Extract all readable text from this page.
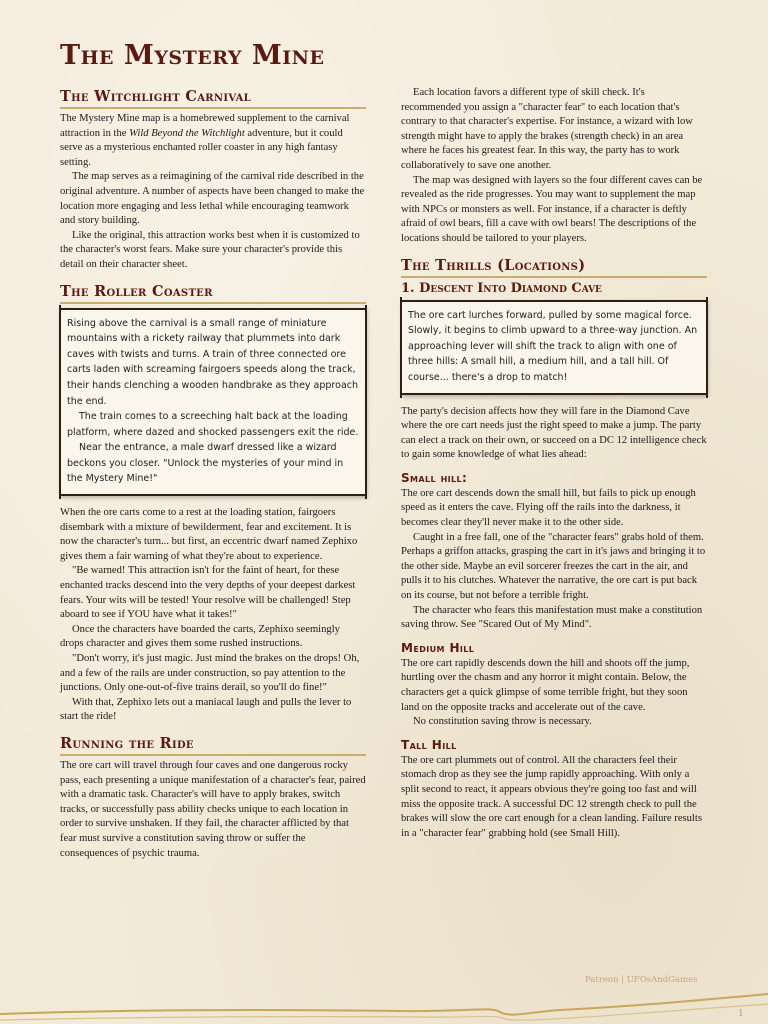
The Mystery Mine
The Witchlight Carnival

The Mystery Mine map is a homebrewed supplement to the carnival attraction in the Wild Beyond the Witchlight adventure, but it could serve as a mysterious enchanted roller coaster in any high fantasy setting.

The map serves as a reimagining of the carnival ride described in the original adventure. A number of aspects have been changed to make the location more engaging and less lethal while encouraging teamwork and story building.

Like the original, this attraction works best when it is customized to the character's worst fears. Make sure your character's provide this detail on their character sheet.

The Roller Coaster

Rising above the carnival is a small range of miniature mountains with a rickety railway that plummets into dark caves with twists and turns. A train of three connected ore carts laden with screaming fairgoers speeds along the track, their hands clenching a wooden handbrake as they approach the end.

The train comes to a screeching halt back at the loading platform, where dazed and shocked passengers exit the ride.

Near the entrance, a male dwarf dressed like a wizard beckons you closer. "Unlock the mysteries of your mind in the Mystery Mine!"

When the ore carts come to a rest at the loading station, fairgoers disembark with a mixture of bewilderment, fear and excitement. It is now the character's turn... but first, an eccentric dwarf named Zephixo gives them a fair warning of what they're about to experience.

"Be warned! This attraction isn't for the faint of heart, for these enchanted tracks descend into the very depths of your deepest darkest fears. Your wits will be tested! Your resolve will be challenged! Step aboard to see if YOU have what it takes!"

Once the characters have boarded the carts, Zephixo seemingly drops character and gives them some rushed instructions.

"Don't worry, it's just magic. Just mind the brakes on the drops! Oh, and a few of the rails are under construction, so pay attention to the junctions. Only one-out-of-five trains derail, so you'll do fine!"

With that, Zephixo lets out a maniacal laugh and pulls the lever to start the ride!

Running the Ride

The ore cart will travel through four caves and one dangerous rocky pass, each presenting a unique manifestation of a character's fear, paired with a dramatic task. Character's will have to apply brakes, switch tracks, or successfully pass ability checks unique to each location in order to survive unshaken. If they fail, the character afflicted by that fear must survive a constitution saving throw or suffer the consequences of psychic trauma.

Each location favors a different type of skill check. It's recommended you assign a "character fear" to each location that's contrary to that character's expertise. For instance, a wizard with low strength might have to apply the brakes (strength check) in an area where he faces his greatest fear. In this way, the party has to work collaboratively to save one another.

The map was designed with layers so the four different caves can be revealed as the ride progresses. You may want to supplement the map with NPCs or monsters as well. For instance, if a character is deftly afraid of owl bears, fill a cave with owl bears! The descriptions of the locations should be tailored to your players.

The Thrills (Locations)
1. Descent Into Diamond Cave

The ore cart lurches forward, pulled by some magical force. Slowly, it begins to climb upward to a three-way junction. An approaching lever will shift the track to align with one of three hills: A small hill, a medium hill, and a tall hill. Of course... there's a drop to match!

The party's decision affects how they will fare in the Diamond Cave where the ore cart needs just the right speed to make a jump. The party can elect a track on their own, or succeed on a DC 12 intelligence check to gain some knowledge of what lies ahead:

Small hill:

The ore cart descends down the small hill, but fails to pick up enough speed as it enters the cave. Flying off the rails into the darkness, it becomes clear they'll never make it to the other side.

Caught in a free fall, one of the "character fears" grabs hold of them. Perhaps a griffon attacks, grasping the cart in it's jaws and bringing it to the other side. Maybe an evil sorcerer freezes the cart in the air, and pulls it to his clutches. Whatever the narrative, the ore cart is put back on its course, but not before a terrible fright.

The character who fears this manifestation must make a constitution saving throw. See "Scared Out of My Mind".

Medium Hill

The ore cart rapidly descends down the hill and shoots off the jump, hurtling over the chasm and any horror it might contain. Below, the characters get a quick glimpse of some terrible fright, but they soon land on the opposite tracks and accelerate out of the cave.

No constitution saving throw is necessary.

Tall Hill

The ore cart plummets out of control. All the characters feel their stomach drop as they see the jump rapidly approaching. With only a split second to react, it appears obvious they're going too fast and will miss the opposite track. A successful DC 12 strength check to pull the brakes will slow the ore cart enough for a clean landing. Failure results in a "character fear" grabbing hold (see Small Hill).

Patreon | UFOsAndGames
1
